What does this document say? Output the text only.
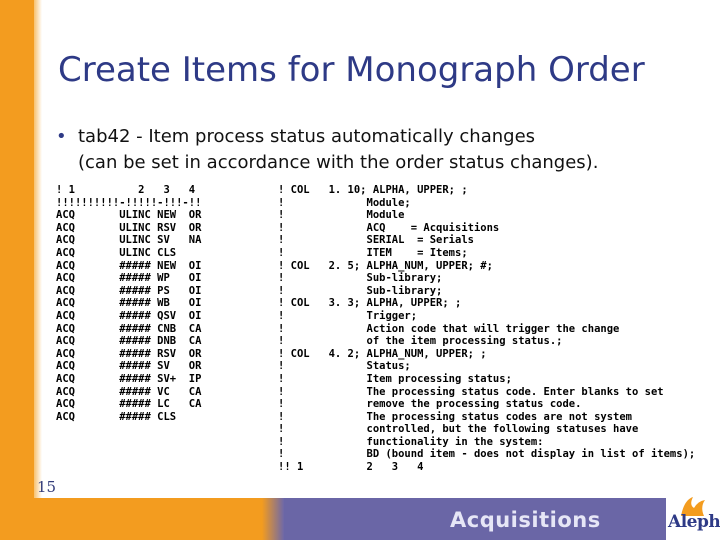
Create Items for Monograph Order
• tab42 - Item process status automatically changes
(can be set in accordance with the order status changes).
! 1          2   3   4
!!!!!!!!!!-!!!!!-!!!-!!
ACQ       ULINC NEW  OR
ACQ       ULINC RSV  OR
ACQ       ULINC SV   NA
ACQ       ULINC CLS
ACQ       ##### NEW  OI
ACQ       ##### WP   OI
ACQ       ##### PS   OI
ACQ       ##### WB   OI
ACQ       ##### QSV  OI
ACQ       ##### CNB  CA
ACQ       ##### DNB  CA
ACQ       ##### RSV  OR
ACQ       ##### SV   OR
ACQ       ##### SV+  IP
ACQ       ##### VC   CA
ACQ       ##### LC   CA
ACQ       ##### CLS

! COL   1. 10; ALPHA, UPPER; ;
!             Module;
!             Module
!             ACQ    = Acquisitions
!             SERIAL  = Serials
!             ITEM    = Items;
! COL   2. 5; ALPHA_NUM, UPPER; #;
!             Sub-library;
!             Sub-library;
! COL   3. 3; ALPHA, UPPER; ;
!             Trigger;
!             Action code that will trigger the change
!             of the item processing status.;
! COL   4. 2; ALPHA_NUM, UPPER; ;
!             Status;
!             Item processing status;
!             The processing status code. Enter blanks to set
!             remove the processing status code.
!             The processing status codes are not system
!             controlled, but the following statuses have
!             functionality in the system:
!             BD (bound item - does not display in list of items);
!! 1          2   3   4
15
Acquisitions	Aleph
